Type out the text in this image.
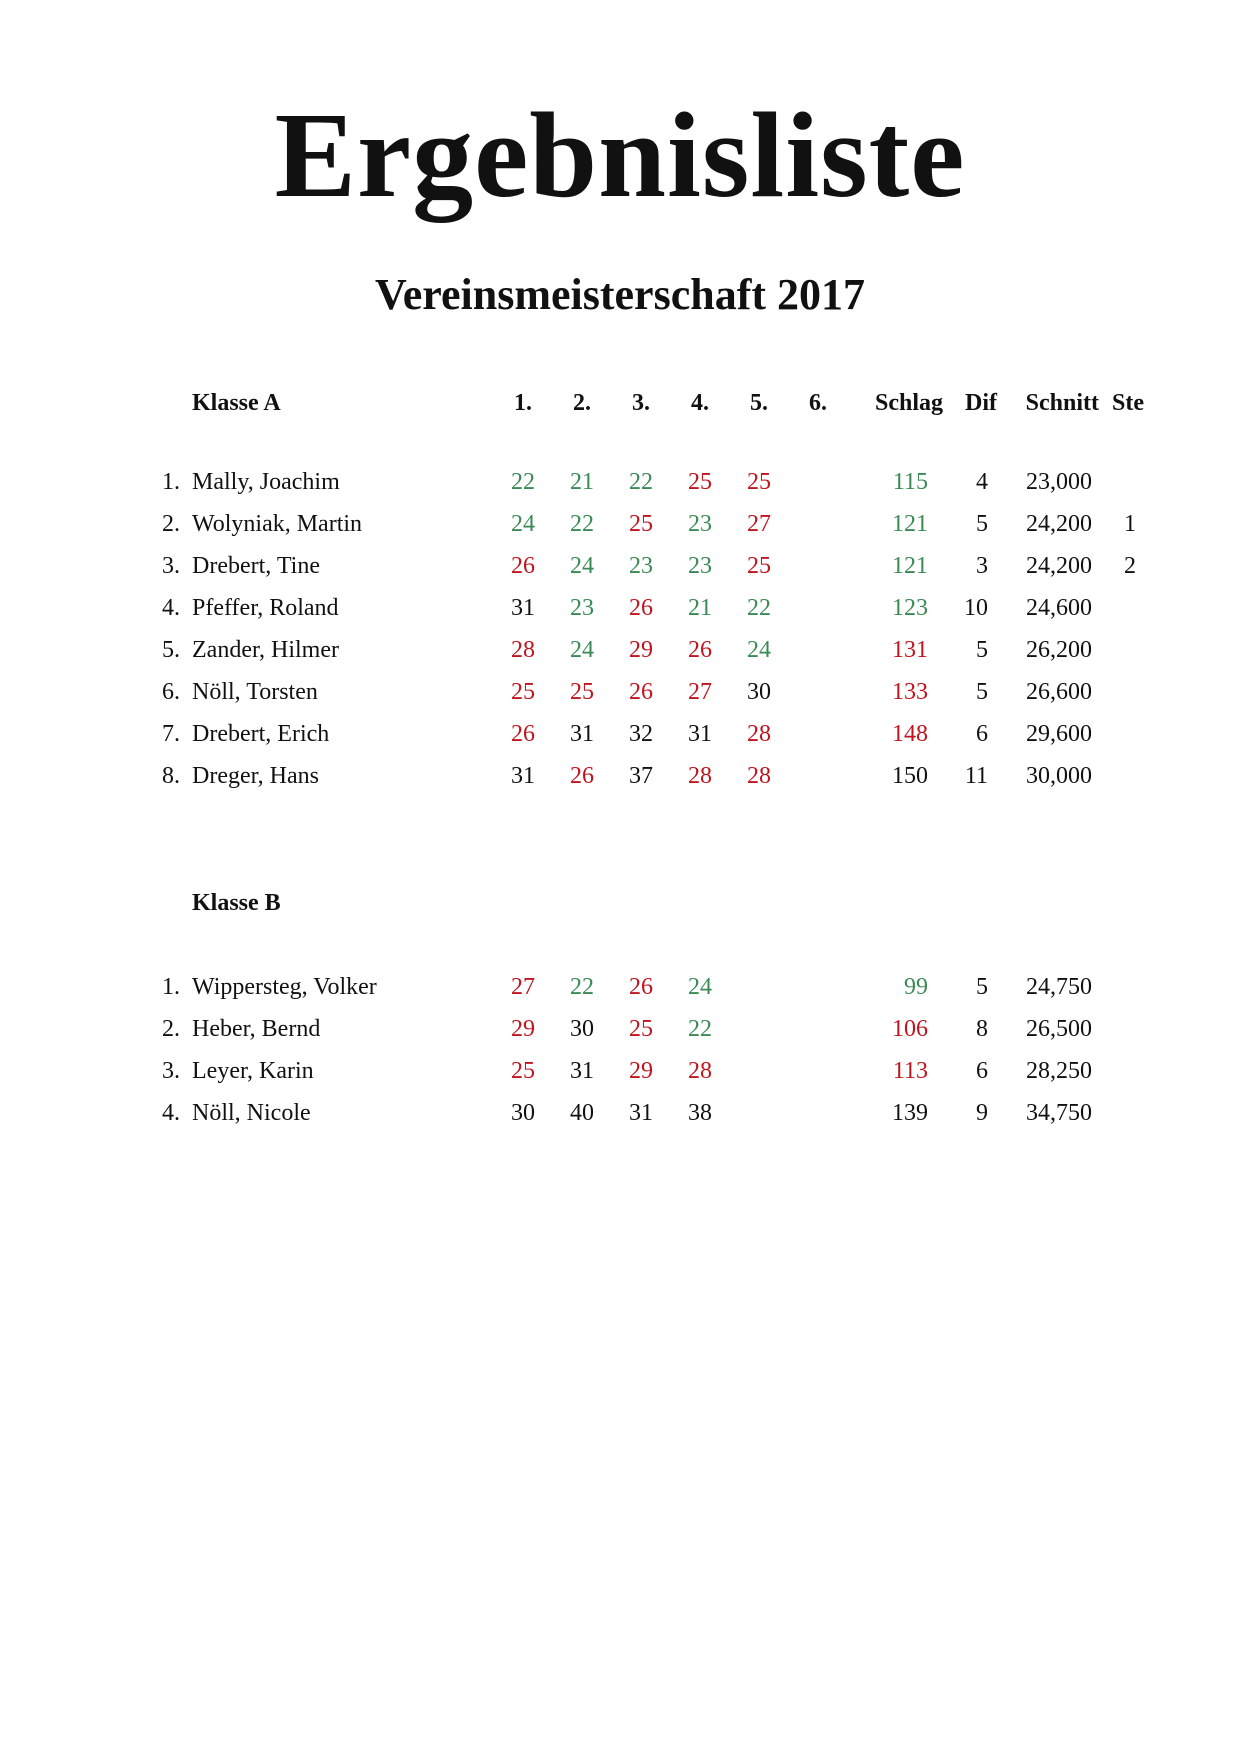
Ergebnisliste
Vereinsmeisterschaft 2017
Klasse A	1.	2.	3.	4.	5.	6.	Schlag Dif Schnitt Ste
1. Mally, Joachim	22	21	22	25	25	115 4 23,000
2. Wolyniak, Martin	24	22	25	23	27	121 5 24,200	1
3. Drebert, Tine	26	24	23	23	25	121 3 24,200	2
4. Pfeffer, Roland	31	23	26	21	22	123 10 24,600
5. Zander, Hilmer	28	24	29	26	24	131 5 26,200
6. Nöll, Torsten	25	25	26	27	30	133 5 26,600
7. Drebert, Erich	26	31	32	31	28	148 6 29,600
8. Dreger, Hans	31	26	37	28	28	150 11 30,000
Klasse B
1. Wippersteg, Volker	27	22	26	24	99 5 24,750
2. Heber, Bernd	29	30	25	22	106 8 26,500
3. Leyer, Karin	25	31	29	28	113 6 28,250
4. Nöll, Nicole	30	40	31	38	139 9 34,750
